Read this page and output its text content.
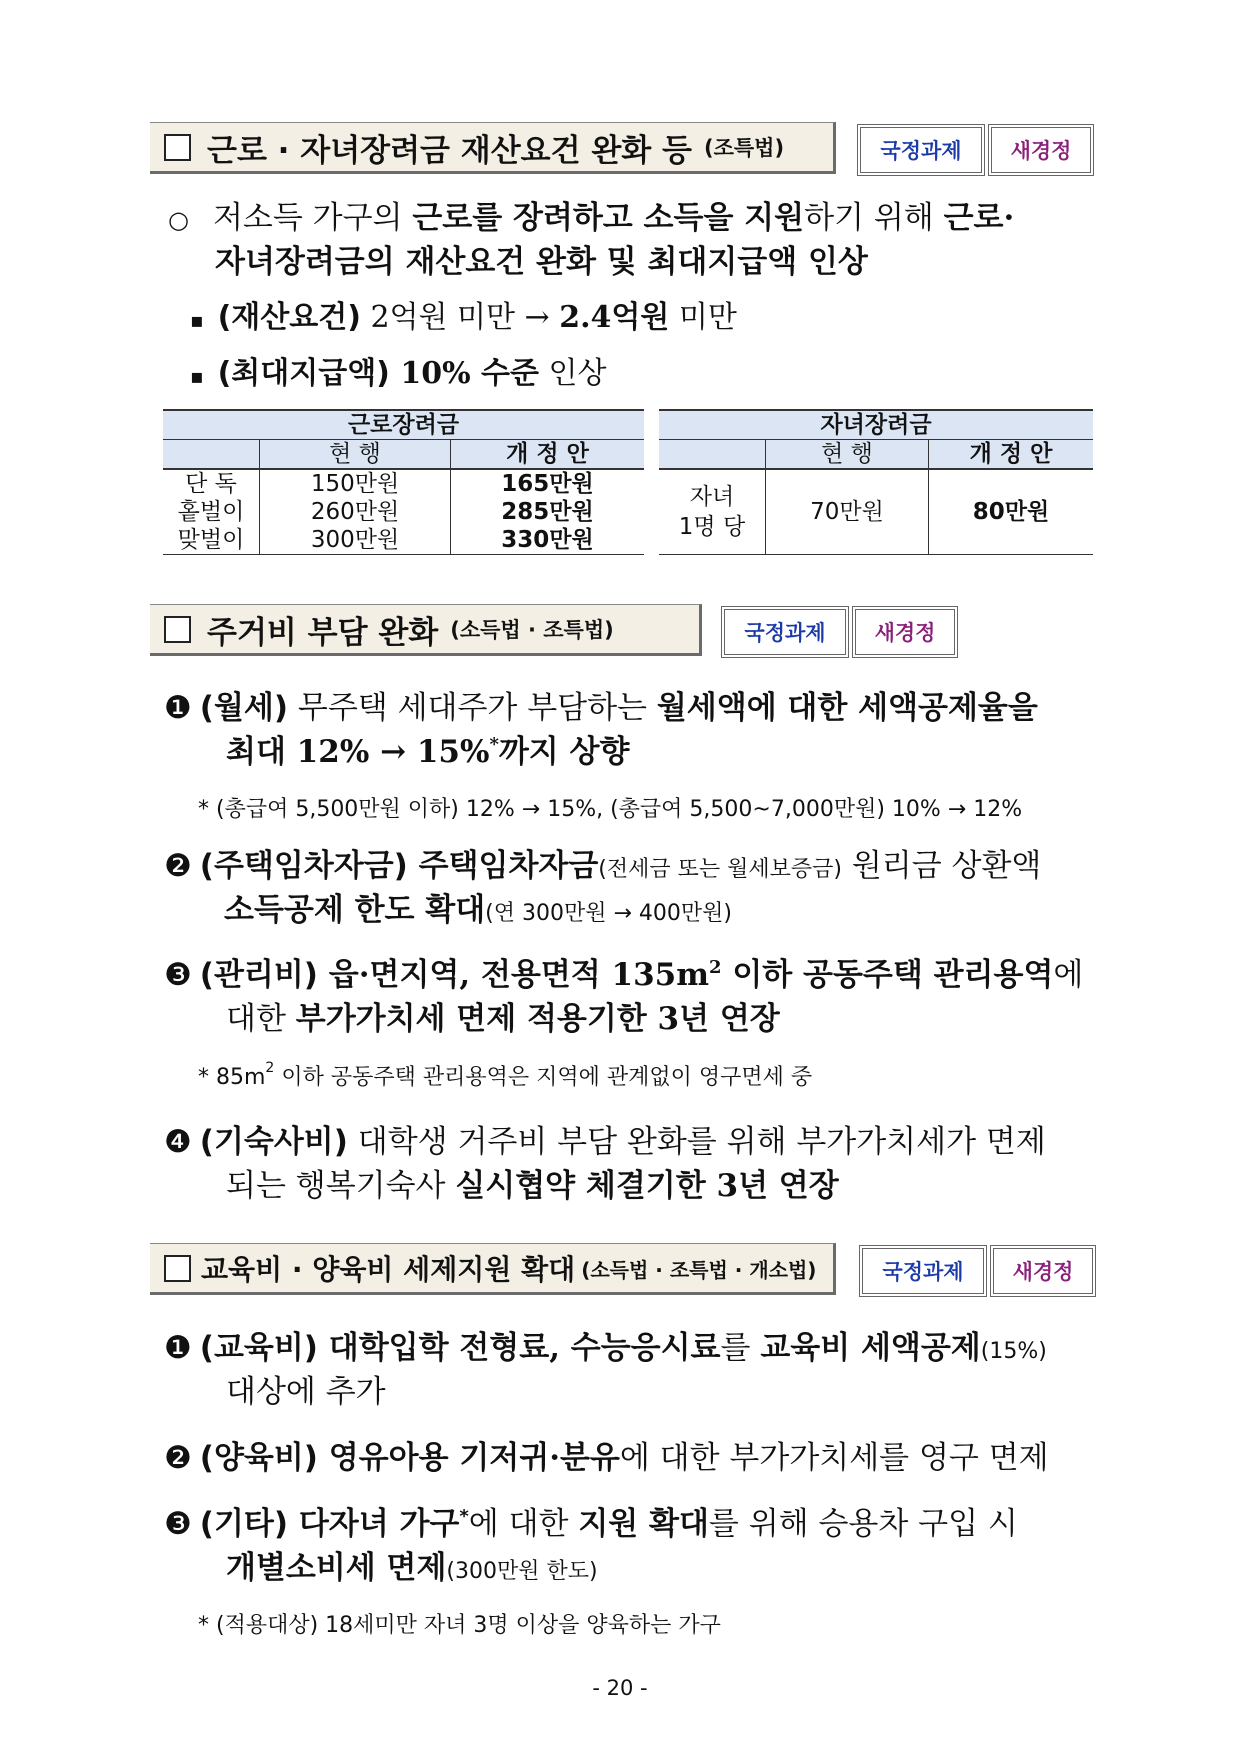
근로 · 자녀장려금 재산요건 완화 등 (조특법)	국정과제	새경정
○ 저소득 가구의 근로를 장려하고 소득을 지원하기 위해 근로·
자녀장려금의 재산요건 완화 및 최대지급액 인상
▪ (재산요건) 2억원 미만 → 2.4억원 미만
▪ (최대지급액) 10% 수준 인상
근로장려금		
	현 행	개 정 안
단 독	150만원	165만원
홑벌이	260만원	285만원
맞벌이	300만원	330만원
자녀장려금		
	현 행	개 정 안
자녀
1명 당	70만원	80만원
주거비 부담 완화 (소득법 · 조특법)	국정과제	새경정
❶ (월세) 무주택 세대주가 부담하는 월세액에 대한 세액공제율을
최대 12% → 15%*까지 상향
* (총급여 5,500만원 이하) 12% → 15%, (총급여 5,500~7,000만원) 10% → 12%
❷ (주택임차자금) 주택임차자금(전세금 또는 월세보증금) 원리금 상환액
소득공제 한도 확대(연 300만원 → 400만원)
❸ (관리비) 읍·면지역, 전용면적 $135m^2$ 이하 공동주택 관리용역에
대한 부가가치세 면제 적용기한 3년 연장
* $85m^2$ 이하 공동주택 관리용역은 지역에 관계없이 영구면세 중
❹ (기숙사비) 대학생 거주비 부담 완화를 위해 부가가치세가 면제
되는 행복기숙사 실시협약 체결기한 3년 연장
교육비 · 양육비 세제지원 확대 (소득법 · 조특법 · 개소법)	국정과제	새경정
❶ (교육비) 대학입학 전형료, 수능응시료를 교육비 세액공제(15%)
대상에 추가
❷ (양육비) 영유아용 기저귀·분유에 대한 부가가치세를 영구 면제
❸ (기타) 다자녀 가구*에 대한 지원 확대를 위해 승용차 구입 시
개별소비세 면제(300만원 한도)
* (적용대상) 18세미만 자녀 3명 이상을 양육하는 가구
- 20 -
